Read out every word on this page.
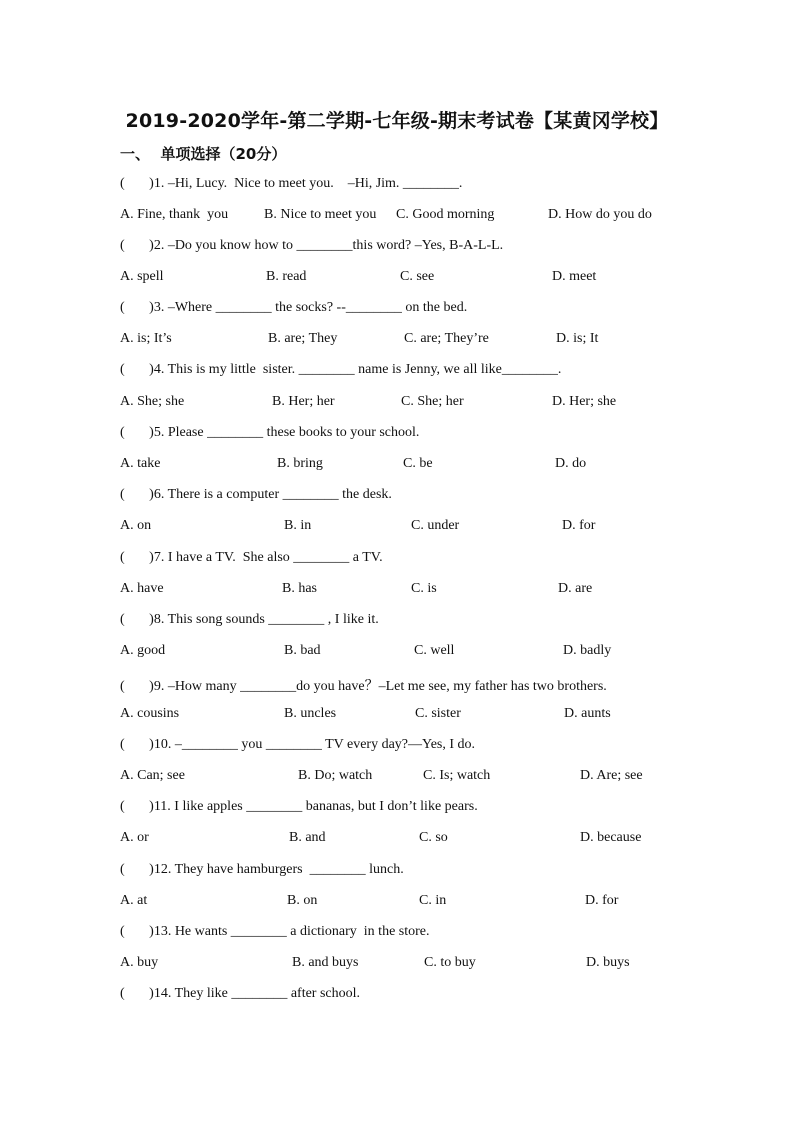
2019-2020学年-第二学期-七年级-期末考试卷【某黄冈学校】
一、  单项选择（20分）
(       )1. –Hi, Lucy.  Nice to meet you.    –Hi, Jim. ________.
A. Fine, thank  you	B. Nice to meet you C. Good morning	D. How do you do
(       )2. –Do you know how to ________this word? –Yes, B-A-L-L.
A. spell	B. read	C. see	D. meet
(       )3. –Where ________ the socks? --________ on the bed.
A. is; It’s	B. are; They	C. are; They’re	D. is; It
(       )4. This is my little  sister. ________ name is Jenny, we all like________.
A. She; she	B. Her; her	C. She; her	D. Her; she
(       )5. Please ________ these books to your school.
A. take	B. bring	C. be	D. do
(       )6. There is a computer ________ the desk.
A. on	B. in	C. under	D. for
(       )7. I have a TV.  She also ________ a TV.
A. have	B. has	C. is	D. are
(       )8. This song sounds ________ , I like it.
A. good	B. bad	C. well	D. badly
(       )9. –How many ________do you have？–Let me see, my father has two brothers.
A. cousins	B. uncles	C. sister	D. aunts
(       )10. –________ you ________ TV every day?—Yes, I do.
A. Can; see	B. Do; watch	C. Is; watch	D. Are; see
(       )11. I like apples ________ bananas, but I don’t like pears.
A. or	B. and	C. so	D. because
(       )12. They have hamburgers  ________ lunch.
A. at	B. on	C. in	D. for
(       )13. He wants ________ a dictionary  in the store.
A. buy	B. and buys	C. to buy	D. buys
(       )14. They like ________ after school.
